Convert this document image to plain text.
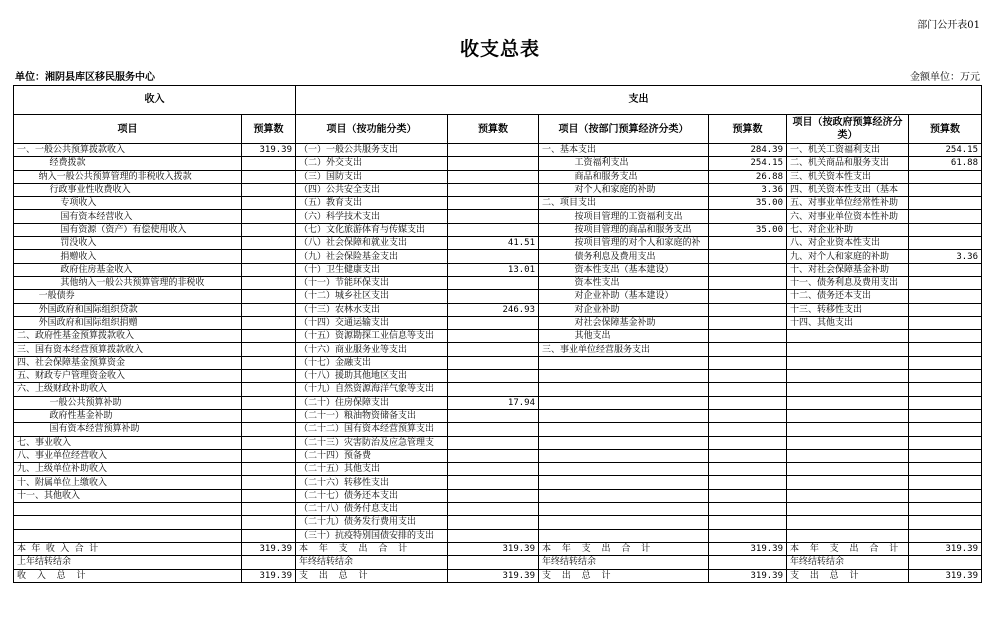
部门公开表01
收支总表
单位：湘阴县库区移民服务中心	金额单位：万元
收入		支出					
项目	预算数	项目（按功能分类）	预算数	项目（按部门预算经济分类）	预算数	项目（按政府预算经济分类）	预算数
一、一般公共预算拨款收入	319.39	（一）一般公共服务支出		一、基本支出	284.39	一、机关工资福利支出	254.15
经费拨款		（二）外交支出		工资福利支出	254.15	二、机关商品和服务支出	61.88
纳入一般公共预算管理的非税收入拨款		（三）国防支出		商品和服务支出	26.88	三、机关资本性支出	
行政事业性收费收入		（四）公共安全支出		对个人和家庭的补助	3.36	四、机关资本性支出（基本	
专项收入		（五）教育支出		二、项目支出	35.00	五、对事业单位经常性补助	
国有资本经营收入		（六）科学技术支出		按项目管理的工资福利支出		六、对事业单位资本性补助	
国有资源（资产）有偿使用收入		（七）文化旅游体育与传媒支出		按项目管理的商品和服务支出	35.00	七、对企业补助	
罚没收入		（八）社会保障和就业支出	41.51	按项目管理的对个人和家庭的补		八、对企业资本性支出	
捐赠收入		（九）社会保险基金支出		债务利息及费用支出		九、对个人和家庭的补助	3.36
政府住房基金收入		（十）卫生健康支出	13.01	资本性支出（基本建设）		十、对社会保障基金补助	
其他纳入一般公共预算管理的非税收		（十一）节能环保支出		资本性支出		十一、债务利息及费用支出	
一般债券		（十二）城乡社区支出		对企业补助（基本建设）		十二、债务还本支出	
外国政府和国际组织贷款		（十三）农林水支出	246.93	对企业补助		十三、转移性支出	
外国政府和国际组织捐赠		（十四）交通运输支出		对社会保障基金补助		十四、其他支出	
二、政府性基金预算拨款收入		（十五）资源勘探工业信息等支出		其他支出			
三、国有资本经营预算拨款收入		（十六）商业服务业等支出		三、事业单位经营服务支出			
四、社会保障基金预算资金		（十七）金融支出					
五、财政专户管理资金收入		（十八）援助其他地区支出					
六、上级财政补助收入		（十九）自然资源海洋气象等支出					
一般公共预算补助		（二十）住房保障支出	17.94				
政府性基金补助		（二十一）粮油物资储备支出					
国有资本经营预算补助		（二十二）国有资本经营预算支出					
七、事业收入		（二十三）灾害防治及应急管理支					
八、事业单位经营收入		（二十四）预备费					
九、上级单位补助收入		（二十五）其他支出					
十、附属单位上缴收入		（二十六）转移性支出					
十一、其他收入		（二十七）债务还本支出					
		（二十八）债务付息支出					
		（二十九）债务发行费用支出					
		（三十）抗疫特别国债安排的支出					
本 年 收 入 合 计	319.39	本  年  支  出  合  计	319.39	本  年  支  出  合  计	319.39	本  年  支  出  合  计	319.39
上年结转结余		年终结转结余		年终结转结余		年终结转结余	
收  入  总  计	319.39	支  出  总  计	319.39	支  出  总  计	319.39	支  出  总  计	319.39
